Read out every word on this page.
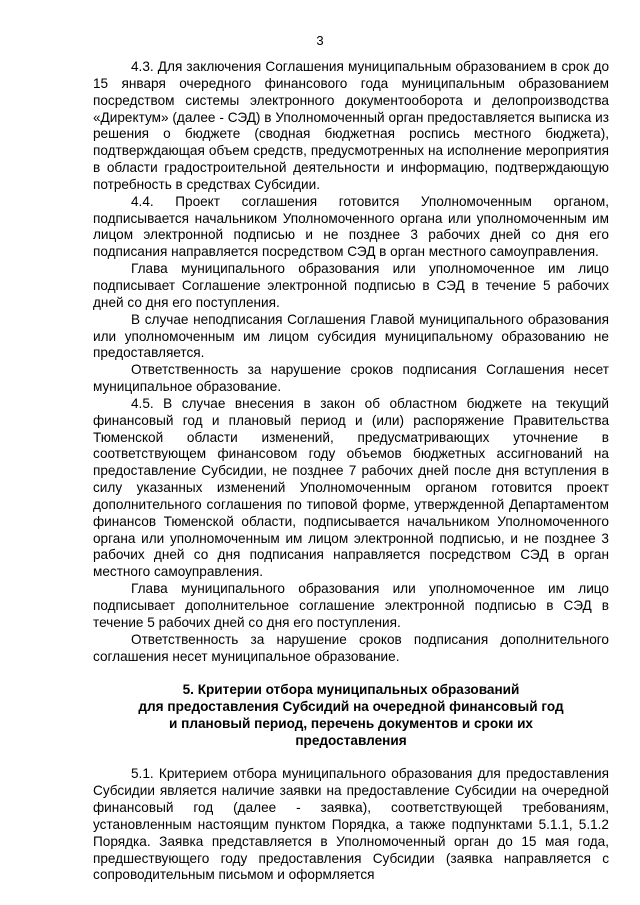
3

4.3. Для заключения Соглашения муниципальным образованием в срок до 15 января очередного финансового года муниципальным образованием посредством системы электронного документооборота и делопроизводства «Директум» (далее - СЭД) в Уполномоченный орган предоставляется выписка из решения о бюджете (сводная бюджетная роспись местного бюджета), подтверждающая объем средств, предусмотренных на исполнение мероприятия в области градостроительной деятельности и информацию, подтверждающую потребность в средствах Субсидии.

4.4. Проект соглашения готовится Уполномоченным органом, подписывается начальником Уполномоченного органа или уполномоченным им лицом электронной подписью и не позднее 3 рабочих дней со дня его подписания направляется посредством СЭД в орган местного самоуправления.

Глава муниципального образования или уполномоченное им лицо подписывает Соглашение электронной подписью в СЭД в течение 5 рабочих дней со дня его поступления.

В случае неподписания Соглашения Главой муниципального образования или уполномоченным им лицом субсидия муниципальному образованию не предоставляется.

Ответственность за нарушение сроков подписания Соглашения несет муниципальное образование.

4.5. В случае внесения в закон об областном бюджете на текущий финансовый год и плановый период и (или) распоряжение Правительства Тюменской области изменений, предусматривающих уточнение в соответствующем финансовом году объемов бюджетных ассигнований на предоставление Субсидии, не позднее 7 рабочих дней после дня вступления в силу указанных изменений Уполномоченным органом готовится проект дополнительного соглашения по типовой форме, утвержденной Департаментом финансов Тюменской области, подписывается начальником Уполномоченного органа или уполномоченным им лицом электронной подписью, и не позднее 3 рабочих дней со дня подписания направляется посредством СЭД в орган местного самоуправления.

Глава муниципального образования или уполномоченное им лицо подписывает дополнительное соглашение электронной подписью в СЭД в течение 5 рабочих дней со дня его поступления.

Ответственность за нарушение сроков подписания дополнительного соглашения несет муниципальное образование.

5. Критерии отбора муниципальных образований
для предоставления Субсидий на очередной финансовый год
и плановый период, перечень документов и сроки их
предоставления

5.1. Критерием отбора муниципального образования для предоставления Субсидии является наличие заявки на предоставление Субсидии на очередной финансовый год (далее - заявка), соответствующей требованиям, установленным настоящим пунктом Порядка, а также подпунктами 5.1.1, 5.1.2 Порядка. Заявка представляется в Уполномоченный орган до 15 мая года, предшествующего году предоставления Субсидии (заявка направляется с сопроводительным письмом и оформляется
